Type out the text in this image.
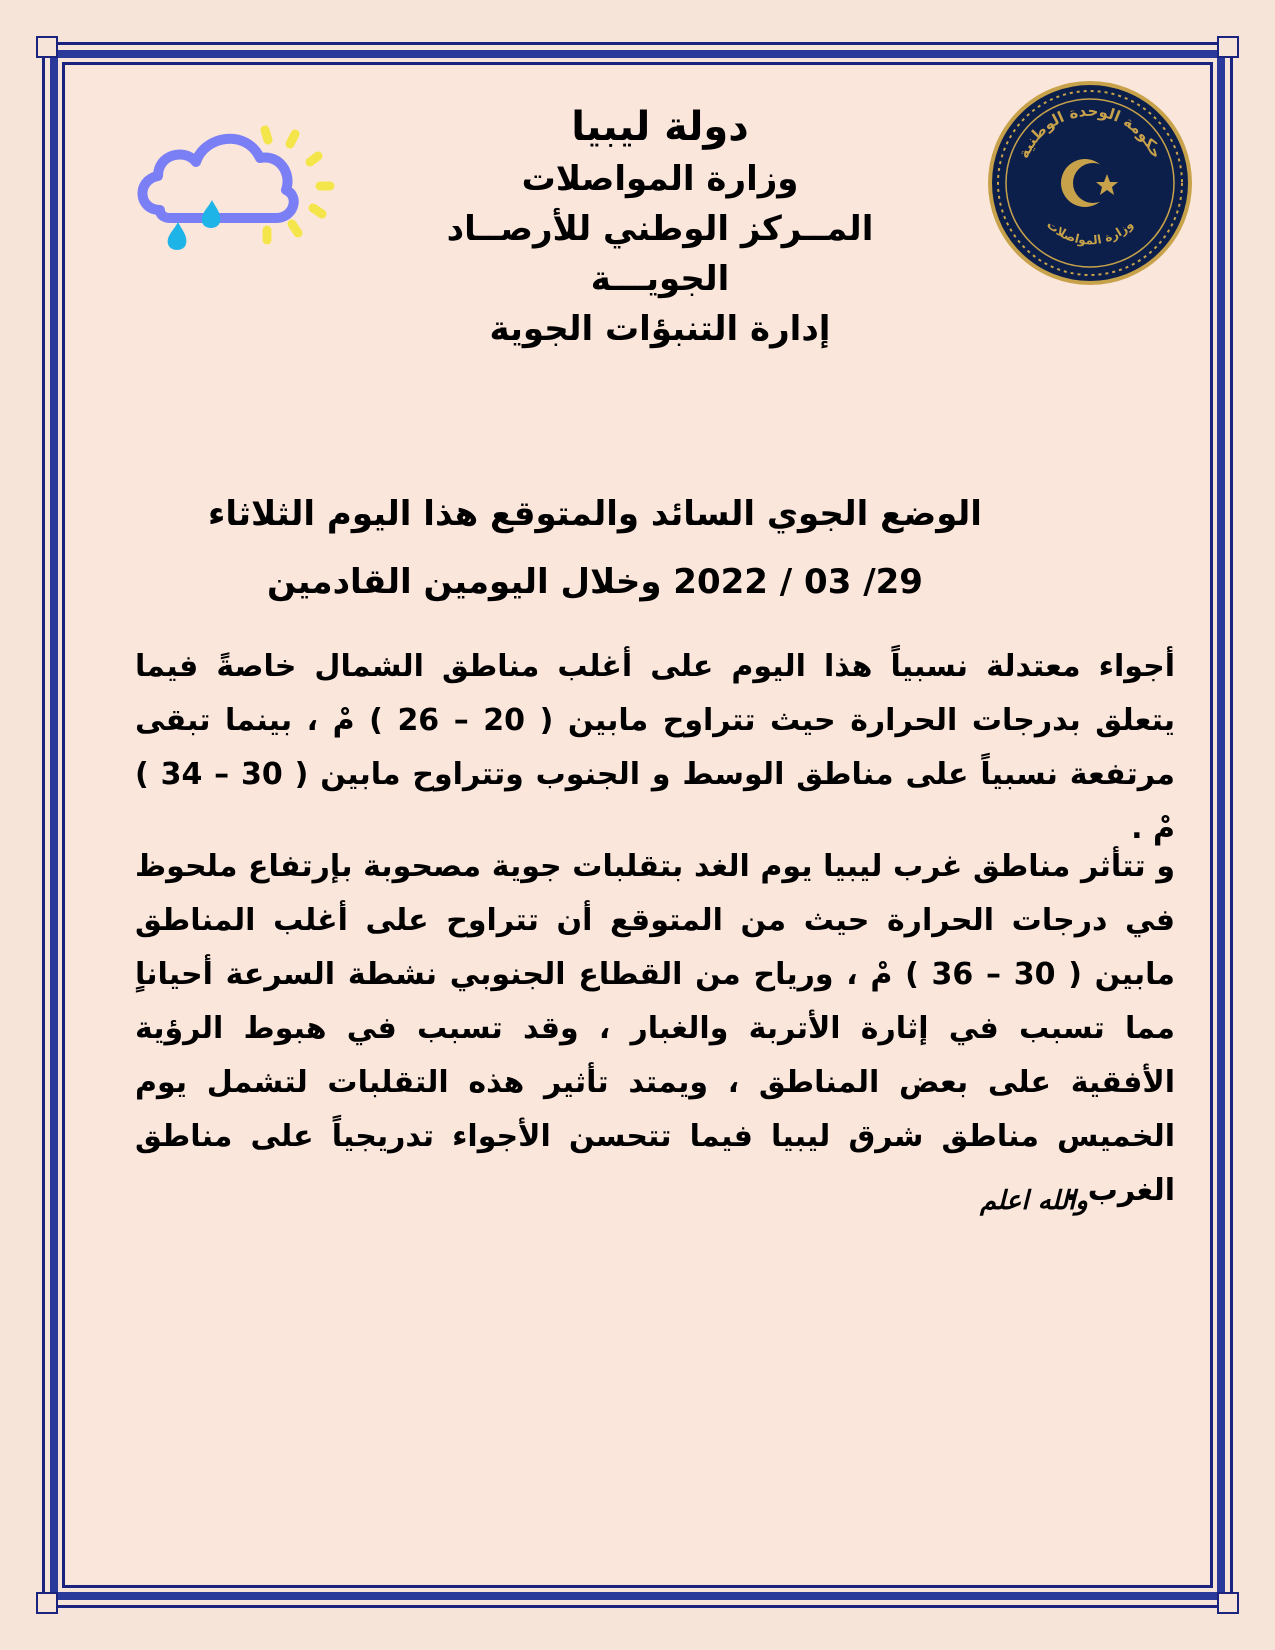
حكومة الوحدة الوطنية
وزارة المواصلات
دولة ليبيا
وزارة المواصلات
المــركز الوطني للأرصــاد الجويـــة
إدارة التنبؤات الجوية
الوضع الجوي السائد والمتوقع هذا اليوم الثلاثاء
29/ 03 / 2022 وخلال اليومين القادمين
أجواء معتدلة نسبياً هذا اليوم على أغلب مناطق الشمال خاصةً فيما يتعلق بدرجات الحرارة حيث تتراوح مابين ( 20 – 26 ) مْ ، بينما تبقى مرتفعة نسبياً على مناطق الوسط و الجنوب وتتراوح مابين ( 30 – 34 ) مْ .
و تتأثر مناطق غرب ليبيا يوم الغد بتقلبات جوية مصحوبة بإرتفاع ملحوظ في درجات الحرارة حيث من المتوقع أن تتراوح على أغلب المناطق مابين ( 30 – 36 ) مْ ، ورياح من القطاع الجنوبي نشطة السرعة أحياناٍ مما تسبب في إثارة الأتربة والغبار ، وقد تسبب في هبوط الرؤية الأفقية على بعض المناطق ، ويمتد تأثير هذه التقلبات لتشمل يوم الخميس مناطق شرق ليبيا فيما تتحسن الأجواء تدريجياً على مناطق الغرب .
والله اعلم
